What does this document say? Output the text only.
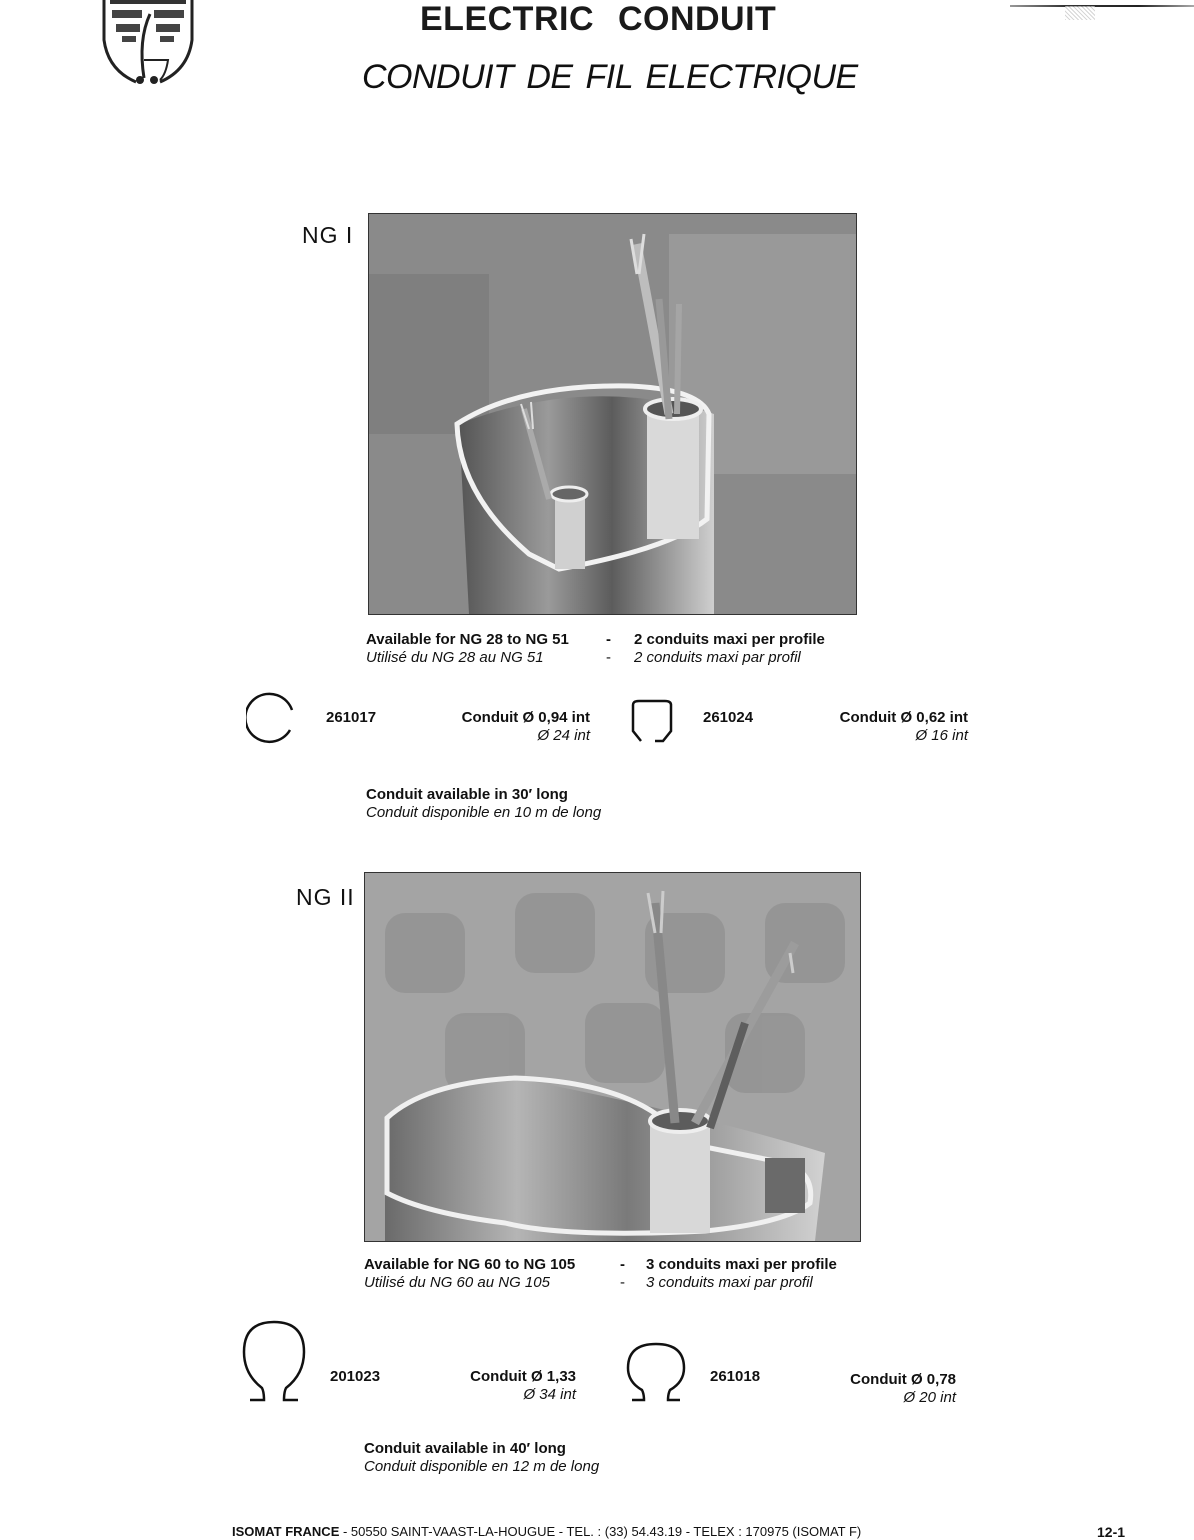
ELECTRIC CONDUIT
CONDUIT DE FIL ELECTRIQUE
NG I
Available for NG 28 to NG 51	-	2 conduits maxi per profile
Utilisé du NG 28 au NG 51	-	2 conduits maxi par profil
261017	Conduit Ø 0,94 int
Ø 24 int
261024	Conduit Ø 0,62 int
Ø 16 int
Conduit available in 30′ long
Conduit disponible en 10 m de long
NG II
Available for NG 60 to NG 105	-	3 conduits maxi per profile
Utilisé du NG 60 au NG 105	-	3 conduits maxi par profil
201023	Conduit Ø 1,33
Ø 34 int
261018	Conduit Ø 0,78
Ø 20 int
Conduit available in 40′ long
Conduit disponible en 12 m de long
ISOMAT FRANCE - 50550 SAINT-VAAST-LA-HOUGUE - TEL. : (33) 54.43.19 - TELEX : 170975 (ISOMAT F)	12-1
